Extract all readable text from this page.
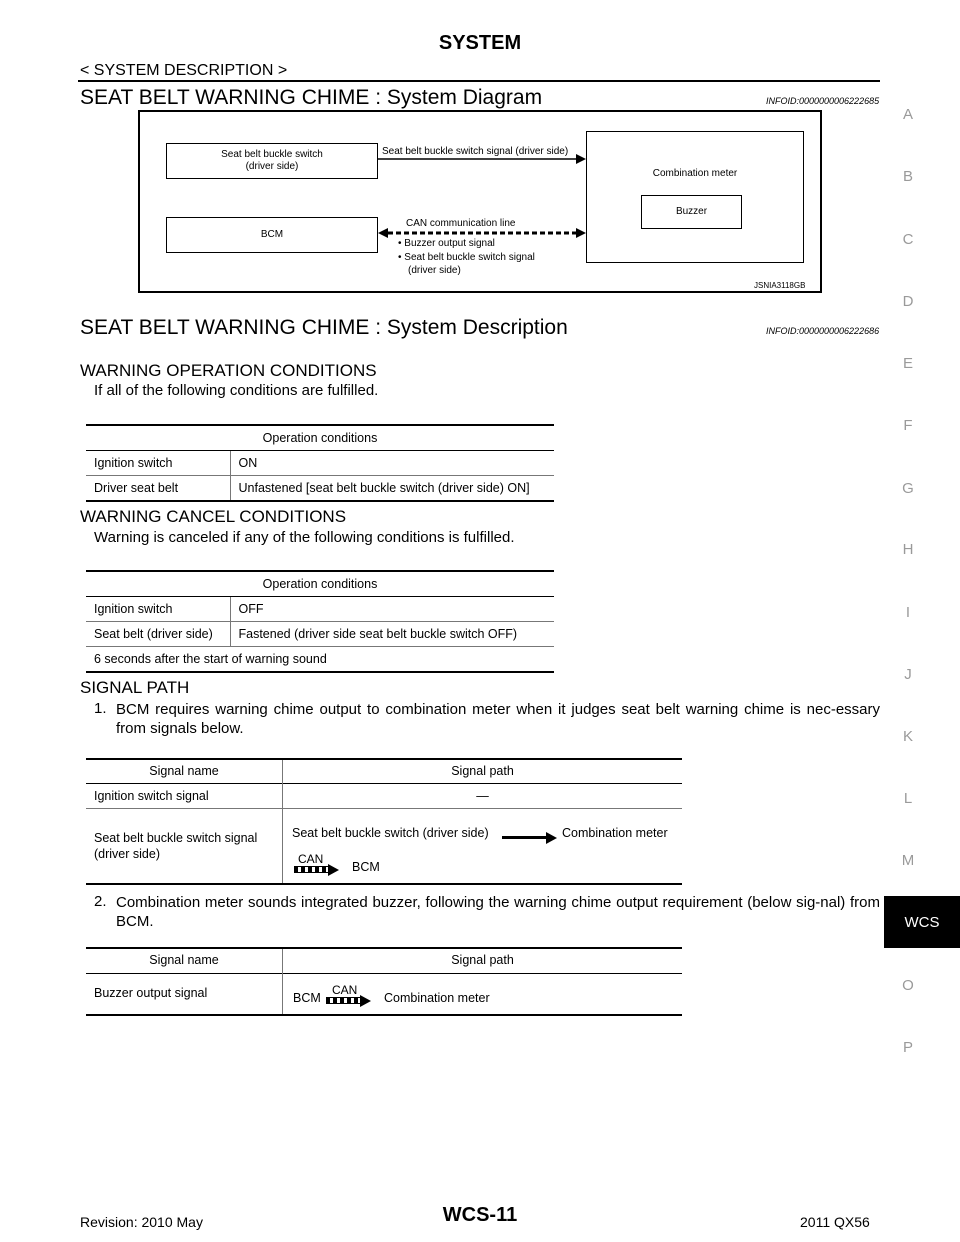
SYSTEM
< SYSTEM DESCRIPTION >
SEAT BELT WARNING CHIME : System Diagram	INFOID:0000000006222685
Seat belt buckle switch (driver side)
BCM
Combination meter
Buzzer
Seat belt buckle switch signal (driver side)
CAN communication line
• Buzzer output signal
• Seat belt buckle switch signal
(driver side)
JSNIA3118GB
SEAT BELT WARNING CHIME : System Description	INFOID:0000000006222686
WARNING OPERATION CONDITIONS
If all of the following conditions are fulfilled.
Operation conditions	
Ignition switch	ON
Driver seat belt	Unfastened [seat belt buckle switch (driver side) ON]
WARNING CANCEL CONDITIONS
Warning is canceled if any of the following conditions is fulfilled.
Operation conditions	
Ignition switch	OFF
Seat belt (driver side)	Fastened (driver side seat belt buckle switch OFF)
6 seconds after the start of warning sound	
SIGNAL PATH
1. BCM requires warning chime output to combination meter when it judges seat belt warning chime is nec-essary from signals below.
Signal name	Signal path
Ignition switch signal	—
Seat belt buckle switch signal
(driver side)
Seat belt buckle switch (driver side)	Combination meter
CAN
BCM
2. Combination meter sounds integrated buzzer, following the warning chime output requirement (below sig-nal) from BCM.
Signal name	Signal path
Buzzer output signal	BCM
CAN
Combination meter
A
B
C
D
E
F
G
H
I
J
K
L
M
WCS
O
P
Revision: 2010 May	WCS-11	2011 QX56
